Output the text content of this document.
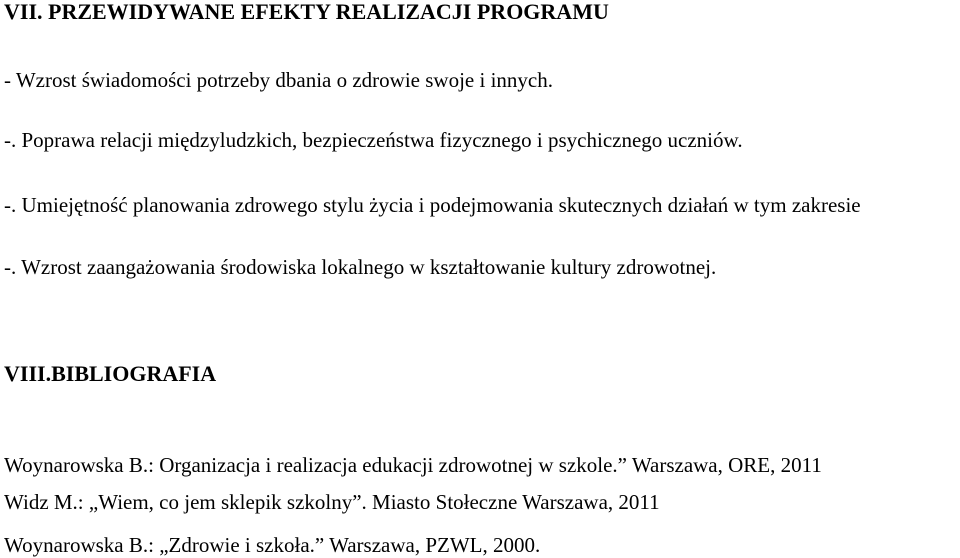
VII. PRZEWIDYWANE EFEKTY REALIZACJI PROGRAMU

- Wzrost świadomości potrzeby dbania o zdrowie swoje i innych.

-. Poprawa relacji międzyludzkich, bezpieczeństwa fizycznego i psychicznego uczniów.

-. Umiejętność planowania zdrowego stylu życia i podejmowania skutecznych działań w tym zakresie

-. Wzrost zaangażowania środowiska lokalnego w kształtowanie kultury zdrowotnej.

VIII.BIBLIOGRAFIA

Woynarowska B.: Organizacja i realizacja edukacji zdrowotnej w szkole.” Warszawa, ORE, 2011

Widz M.: „Wiem, co jem sklepik szkolny”. Miasto Stołeczne Warszawa, 2011

Woynarowska B.: „Zdrowie i szkoła.” Warszawa, PZWL, 2000.
